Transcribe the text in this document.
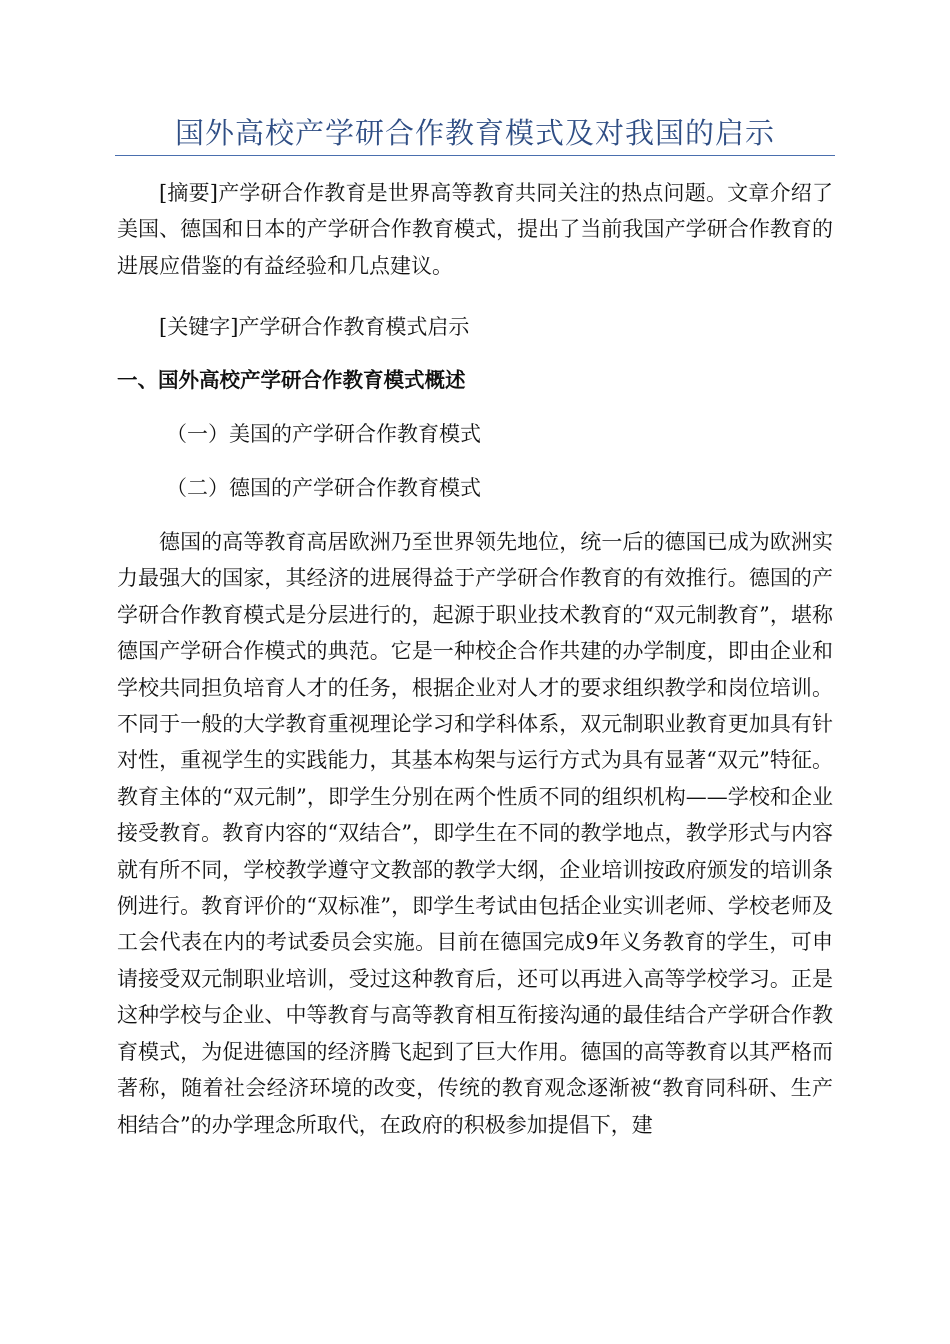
国外高校产学研合作教育模式及对我国的启示

[摘要]产学研合作教育是世界高等教育共同关注的热点问题。文章介绍了美国、德国和日本的产学研合作教育模式，提出了当前我国产学研合作教育的进展应借鉴的有益经验和几点建议。

[关键字]产学研合作教育模式启示
一、国外高校产学研合作教育模式概述
（一）美国的产学研合作教育模式
（二）德国的产学研合作教育模式

德国的高等教育高居欧洲乃至世界领先地位，统一后的德国已成为欧洲实力最强大的国家，其经济的进展得益于产学研合作教育的有效推行。德国的产学研合作教育模式是分层进行的，起源于职业技术教育的“双元制教育”，堪称德国产学研合作模式的典范。它是一种校企合作共建的办学制度，即由企业和学校共同担负培育人才的任务，根据企业对人才的要求组织教学和岗位培训。不同于一般的大学教育重视理论学习和学科体系，双元制职业教育更加具有针对性，重视学生的实践能力，其基本构架与运行方式为具有显著“双元”特征。教育主体的“双元制”，即学生分别在两个性质不同的组织机构——学校和企业接受教育。教育内容的“双结合”，即学生在不同的教学地点，教学形式与内容就有所不同，学校教学遵守文教部的教学大纲，企业培训按政府颁发的培训条例进行。教育评价的“双标准”，即学生考试由包括企业实训老师、学校老师及工会代表在内的考试委员会实施。目前在德国完成9年义务教育的学生，可申请接受双元制职业培训，受过这种教育后，还可以再进入高等学校学习。正是这种学校与企业、中等教育与高等教育相互衔接沟通的最佳结合产学研合作教育模式，为促进德国的经济腾飞起到了巨大作用。德国的高等教育以其严格而著称，随着社会经济环境的改变，传统的教育观念逐渐被“教育同科研、生产相结合”的办学理念所取代，在政府的积极参加提倡下，建
